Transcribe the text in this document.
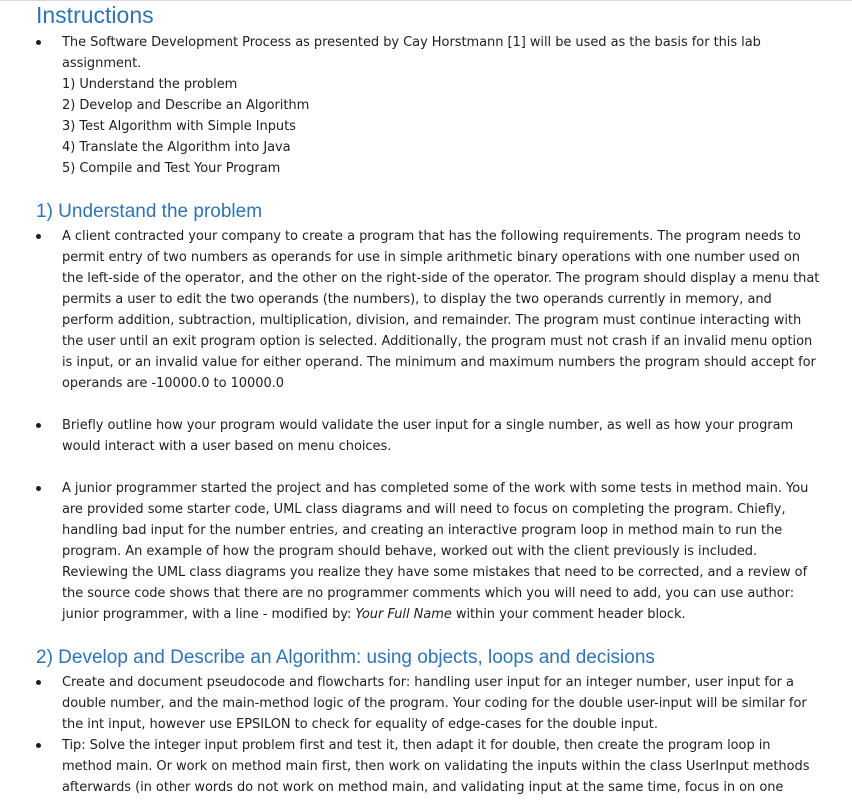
Instructions
The Software Development Process as presented by Cay Horstmann [1] will be used as the basis for this lab
assignment.
1) Understand the problem
2) Develop and Describe an Algorithm
3) Test Algorithm with Simple Inputs
4) Translate the Algorithm into Java
5) Compile and Test Your Program
1) Understand the problem
A client contracted your company to create a program that has the following requirements. The program needs to permit entry of two numbers as operands for use in simple arithmetic binary operations with one number used on the left-side of the operator, and the other on the right-side of the operator. The program should display a menu that permits a user to edit the two operands (the numbers), to display the two operands currently in memory, and perform addition, subtraction, multiplication, division, and remainder. The program must continue interacting with the user until an exit program option is selected. Additionally, the program must not crash if an invalid menu option is input, or an invalid value for either operand. The minimum and maximum numbers the program should accept for operands are -10000.0 to 10000.0
Briefly outline how your program would validate the user input for a single number, as well as how your program would interact with a user based on menu choices.
A junior programmer started the project and has completed some of the work with some tests in method main. You are provided some starter code, UML class diagrams and will need to focus on completing the program. Chiefly, handling bad input for the number entries, and creating an interactive program loop in method main to run the program. An example of how the program should behave, worked out with the client previously is included. Reviewing the UML class diagrams you realize they have some mistakes that need to be corrected, and a review of the source code shows that there are no programmer comments which you will need to add, you can use author: junior programmer, with a line - modified by: Your Full Name within your comment header block.
2) Develop and Describe an Algorithm: using objects, loops and decisions
Create and document pseudocode and flowcharts for: handling user input for an integer number, user input for a double number, and the main-method logic of the program. Your coding for the double user-input will be similar for the int input, however use EPSILON to check for equality of edge-cases for the double input.
Tip: Solve the integer input problem first and test it, then adapt it for double, then create the program loop in method main. Or work on method main first, then work on validating the inputs within the class UserInput methods afterwards (in other words do not work on method main, and validating input at the same time, focus in on one
